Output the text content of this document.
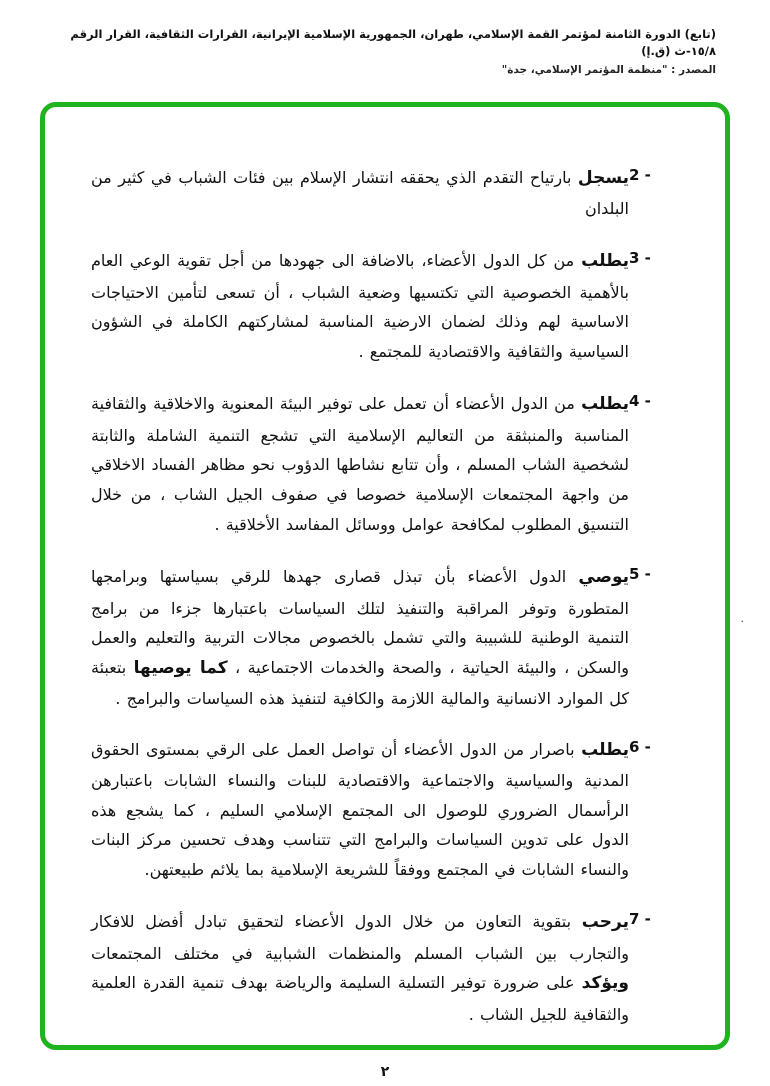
(تابع) الدورة الثامنة لمؤتمر القمة الإسلامي، طهران، الجمهورية الإسلامية الإيرانية، القرارات الثقافية، القرار الرقم ١٥/٨-ث (ق.إ)
المصدر : "منظمة المؤتمر الإسلامي، جدة"
2 -
يسجل بارتياح التقدم الذي يحققه انتشار الإسلام بين فئات الشباب في كثير من البلدان
3 -
يطلب من كل الدول الأعضاء، بالاضافة الى جهودها من أجل تقوية الوعي العام بالأهمية الخصوصية التي تكتسيها وضعية الشباب ، أن تسعى لتأمين الاحتياجات الاساسية لهم وذلك لضمان الارضية المناسبة لمشاركتهم الكاملة في الشؤون السياسية والثقافية والاقتصادية للمجتمع .
4 -
يطلب من الدول الأعضاء أن تعمل على توفير البيئة المعنوية والاخلاقية والثقافية المناسبة والمنبثقة من التعاليم الإسلامية التي تشجع التنمية الشاملة والثابتة لشخصية الشاب المسلم ، وأن تتابع نشاطها الدؤوب نحو مظاهر الفساد الاخلاقي من واجهة المجتمعات الإسلامية خصوصا في صفوف الجيل الشاب ، من خلال التنسيق المطلوب لمكافحة عوامل ووسائل المفاسد الأخلاقية .
5 -
يوصي الدول الأعضاء بأن تبذل قصارى جهدها للرقي بسياستها وبرامجها المتطورة وتوفر المراقبة والتنفيذ لتلك السياسات باعتبارها جزءا من برامج التنمية الوطنية للشبيبة والتي تشمل بالخصوص مجالات التربية والتعليم والعمل والسكن ، والبيئة الحياتية ، والصحة والخدمات الاجتماعية ، كما يوصيها بتعبئة كل الموارد الانسانية والمالية اللازمة والكافية لتنفيذ هذه السياسات والبرامج .
6 -
يطلب باصرار من الدول الأعضاء أن تواصل العمل على الرقي بمستوى الحقوق المدنية والسياسية والاجتماعية والاقتصادية للبنات والنساء الشابات باعتبارهن الرأسمال الضروري للوصول الى المجتمع الإسلامي السليم ، كما يشجع هذه الدول على تدوين السياسات والبرامج التي تتناسب وهدف تحسين مركز البنات والنساء الشابات في المجتمع ووفقاً للشريعة الإسلامية بما يلائم طبيعتهن.
7 -
يرحب بتقوية التعاون من خلال الدول الأعضاء لتحقيق تبادل أفضل للافكار والتجارب بين الشباب المسلم والمنظمات الشبابية في مختلف المجتمعات ويؤكد على ضرورة توفير التسلية السليمة والرياضة بهدف تنمية القدرة العلمية والثقافية للجيل الشاب .
.
٢
